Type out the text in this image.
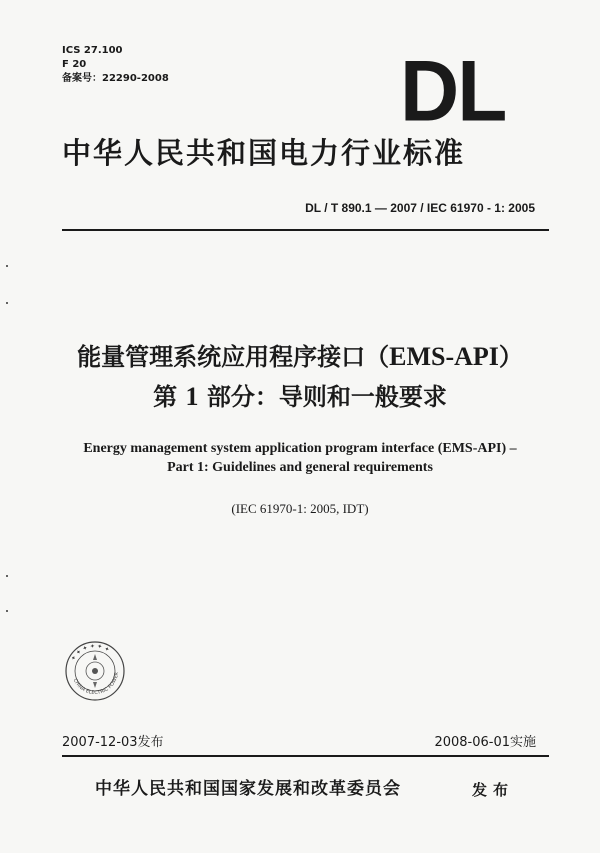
ICS 27.100
F 20
备案号：22290-2008	DL
中华人民共和国电力行业标准
DL / T 890.1 — 2007 / IEC 61970 - 1: 2005
能量管理系统应用程序接口（EMS-API）
第 1 部分：导则和一般要求
Energy management system application program interface (EMS-API) –
Part 1: Guidelines and general requirements
(IEC 61970-1: 2005, IDT)
CHINA ELECTRIC POWER
✦ ✦ ✦ ✦ ✦ ✦
2007-12-03发布	2008-06-01实施
中华人民共和国国家发展和改革委员会	发布
